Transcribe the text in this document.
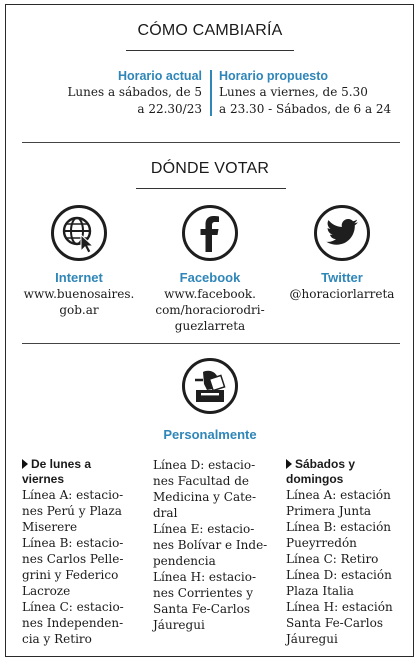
CÓMO CAMBIARÍA
Horario actual
Lunes a sábados, de 5
a 22.30/23
Horario propuesto
Lunes a viernes, de 5.30
a 23.30 - Sábados, de 6 a 24
DÓNDE VOTAR
Internet
www.buenosaires.
gob.ar
Facebook
www.facebook.
com/horaciorodri-
guezlarreta
Twitter
@horaciorlarreta
Personalmente
De lunes a
viernes
Línea A: estacio-
nes Perú y Plaza
Miserere
Línea B: estacio-
nes Carlos Pelle-
grini y Federico
Lacroze
Línea C: estacio-
nes Independen-
cia y Retiro
Línea D: estacio-
nes Facultad de
Medicina y Cate-
dral
Línea E: estacio-
nes Bolívar e Inde-
pendencia
Línea H: estacio-
nes Corrientes y
Santa Fe-Carlos
Jáuregui
Sábados y
domingos
Línea A: estación
Primera Junta
Línea B: estación
Pueyrredón
Línea C: Retiro
Línea D: estación
Plaza Italia
Línea H: estación
Santa Fe-Carlos
Jáuregui
